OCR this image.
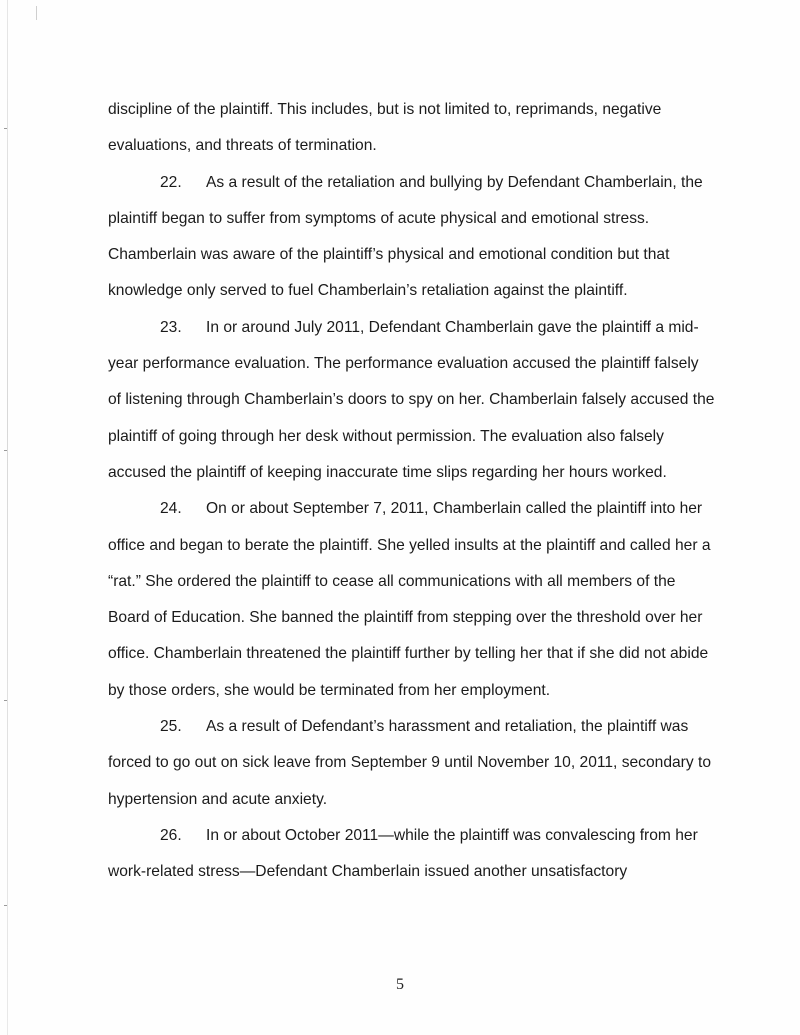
discipline of the plaintiff. This includes, but is not limited to, reprimands, negative
evaluations, and threats of termination.
22. As a result of the retaliation and bullying by Defendant Chamberlain, the
plaintiff began to suffer from symptoms of acute physical and emotional stress.
Chamberlain was aware of the plaintiff’s physical and emotional condition but that
knowledge only served to fuel Chamberlain’s retaliation against the plaintiff.
23. In or around July 2011, Defendant Chamberlain gave the plaintiff a mid-
year performance evaluation. The performance evaluation accused the plaintiff falsely
of listening through Chamberlain’s doors to spy on her. Chamberlain falsely accused the
plaintiff of going through her desk without permission. The evaluation also falsely
accused the plaintiff of keeping inaccurate time slips regarding her hours worked.
24. On or about September 7, 2011, Chamberlain called the plaintiff into her
office and began to berate the plaintiff. She yelled insults at the plaintiff and called her a
“rat.” She ordered the plaintiff to cease all communications with all members of the
Board of Education. She banned the plaintiff from stepping over the threshold over her
office. Chamberlain threatened the plaintiff further by telling her that if she did not abide
by those orders, she would be terminated from her employment.
25. As a result of Defendant’s harassment and retaliation, the plaintiff was
forced to go out on sick leave from September 9 until November 10, 2011, secondary to
hypertension and acute anxiety.
26. In or about October 2011—while the plaintiff was convalescing from her
work-related stress—Defendant Chamberlain issued another unsatisfactory
5
